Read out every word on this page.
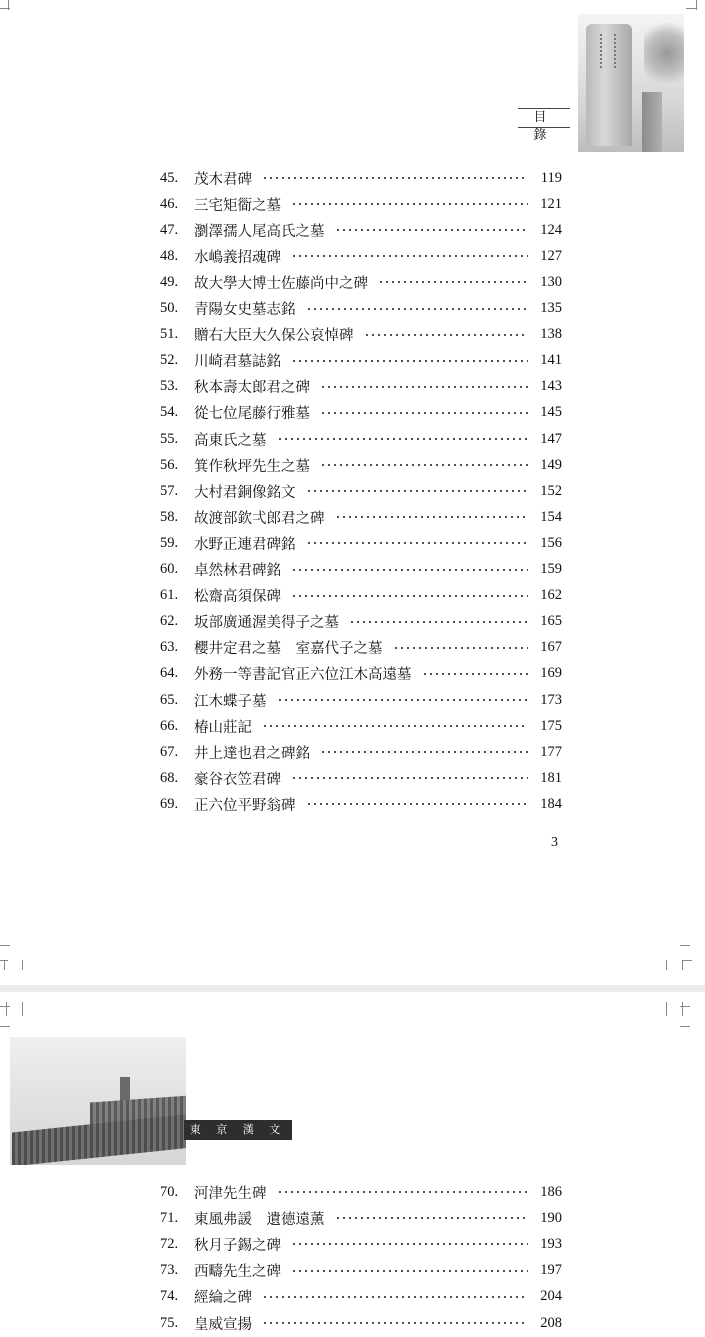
目 錄
45.	茂木君碑	119
46.	三宅矩衟之墓	121
47.	瀏澤孺人尾高氏之墓	124
48.	水嶋義招魂碑	127
49.	故大學大博士佐藤尚中之碑	130
50.	青陽女史墓志銘	135
51.	贈右大臣大久保公哀悼碑	138
52.	川崎君墓誌銘	141
53.	秋本壽太郎君之碑	143
54.	從七位尾藤行雅墓	145
55.	高東氏之墓	147
56.	箕作秋坪先生之墓	149
57.	大村君銅像銘文	152
58.	故渡部欽弌郎君之碑	154
59.	水野正連君碑銘	156
60.	卓然林君碑銘	159
61.	松齋高須保碑	162
62.	坂部廣通渥美得子之墓	165
63.	櫻井定君之墓　室嘉代子之墓	167
64.	外務一等書記官正六位江木高遠墓	169
65.	江木蝶子墓	173
66.	椿山莊記	175
67.	井上達也君之碑銘	177
68.	豪谷衣笠君碑	181
69.	正六位平野翁碑	184
3
東 京 漢 文 碑
70.	河津先生碑	186
71.	東風弗諼　遺德遠薰	190
72.	秋月子錫之碑	193
73.	西疇先生之碑	197
74.	經綸之碑	204
75.	皇威宣揚	208
